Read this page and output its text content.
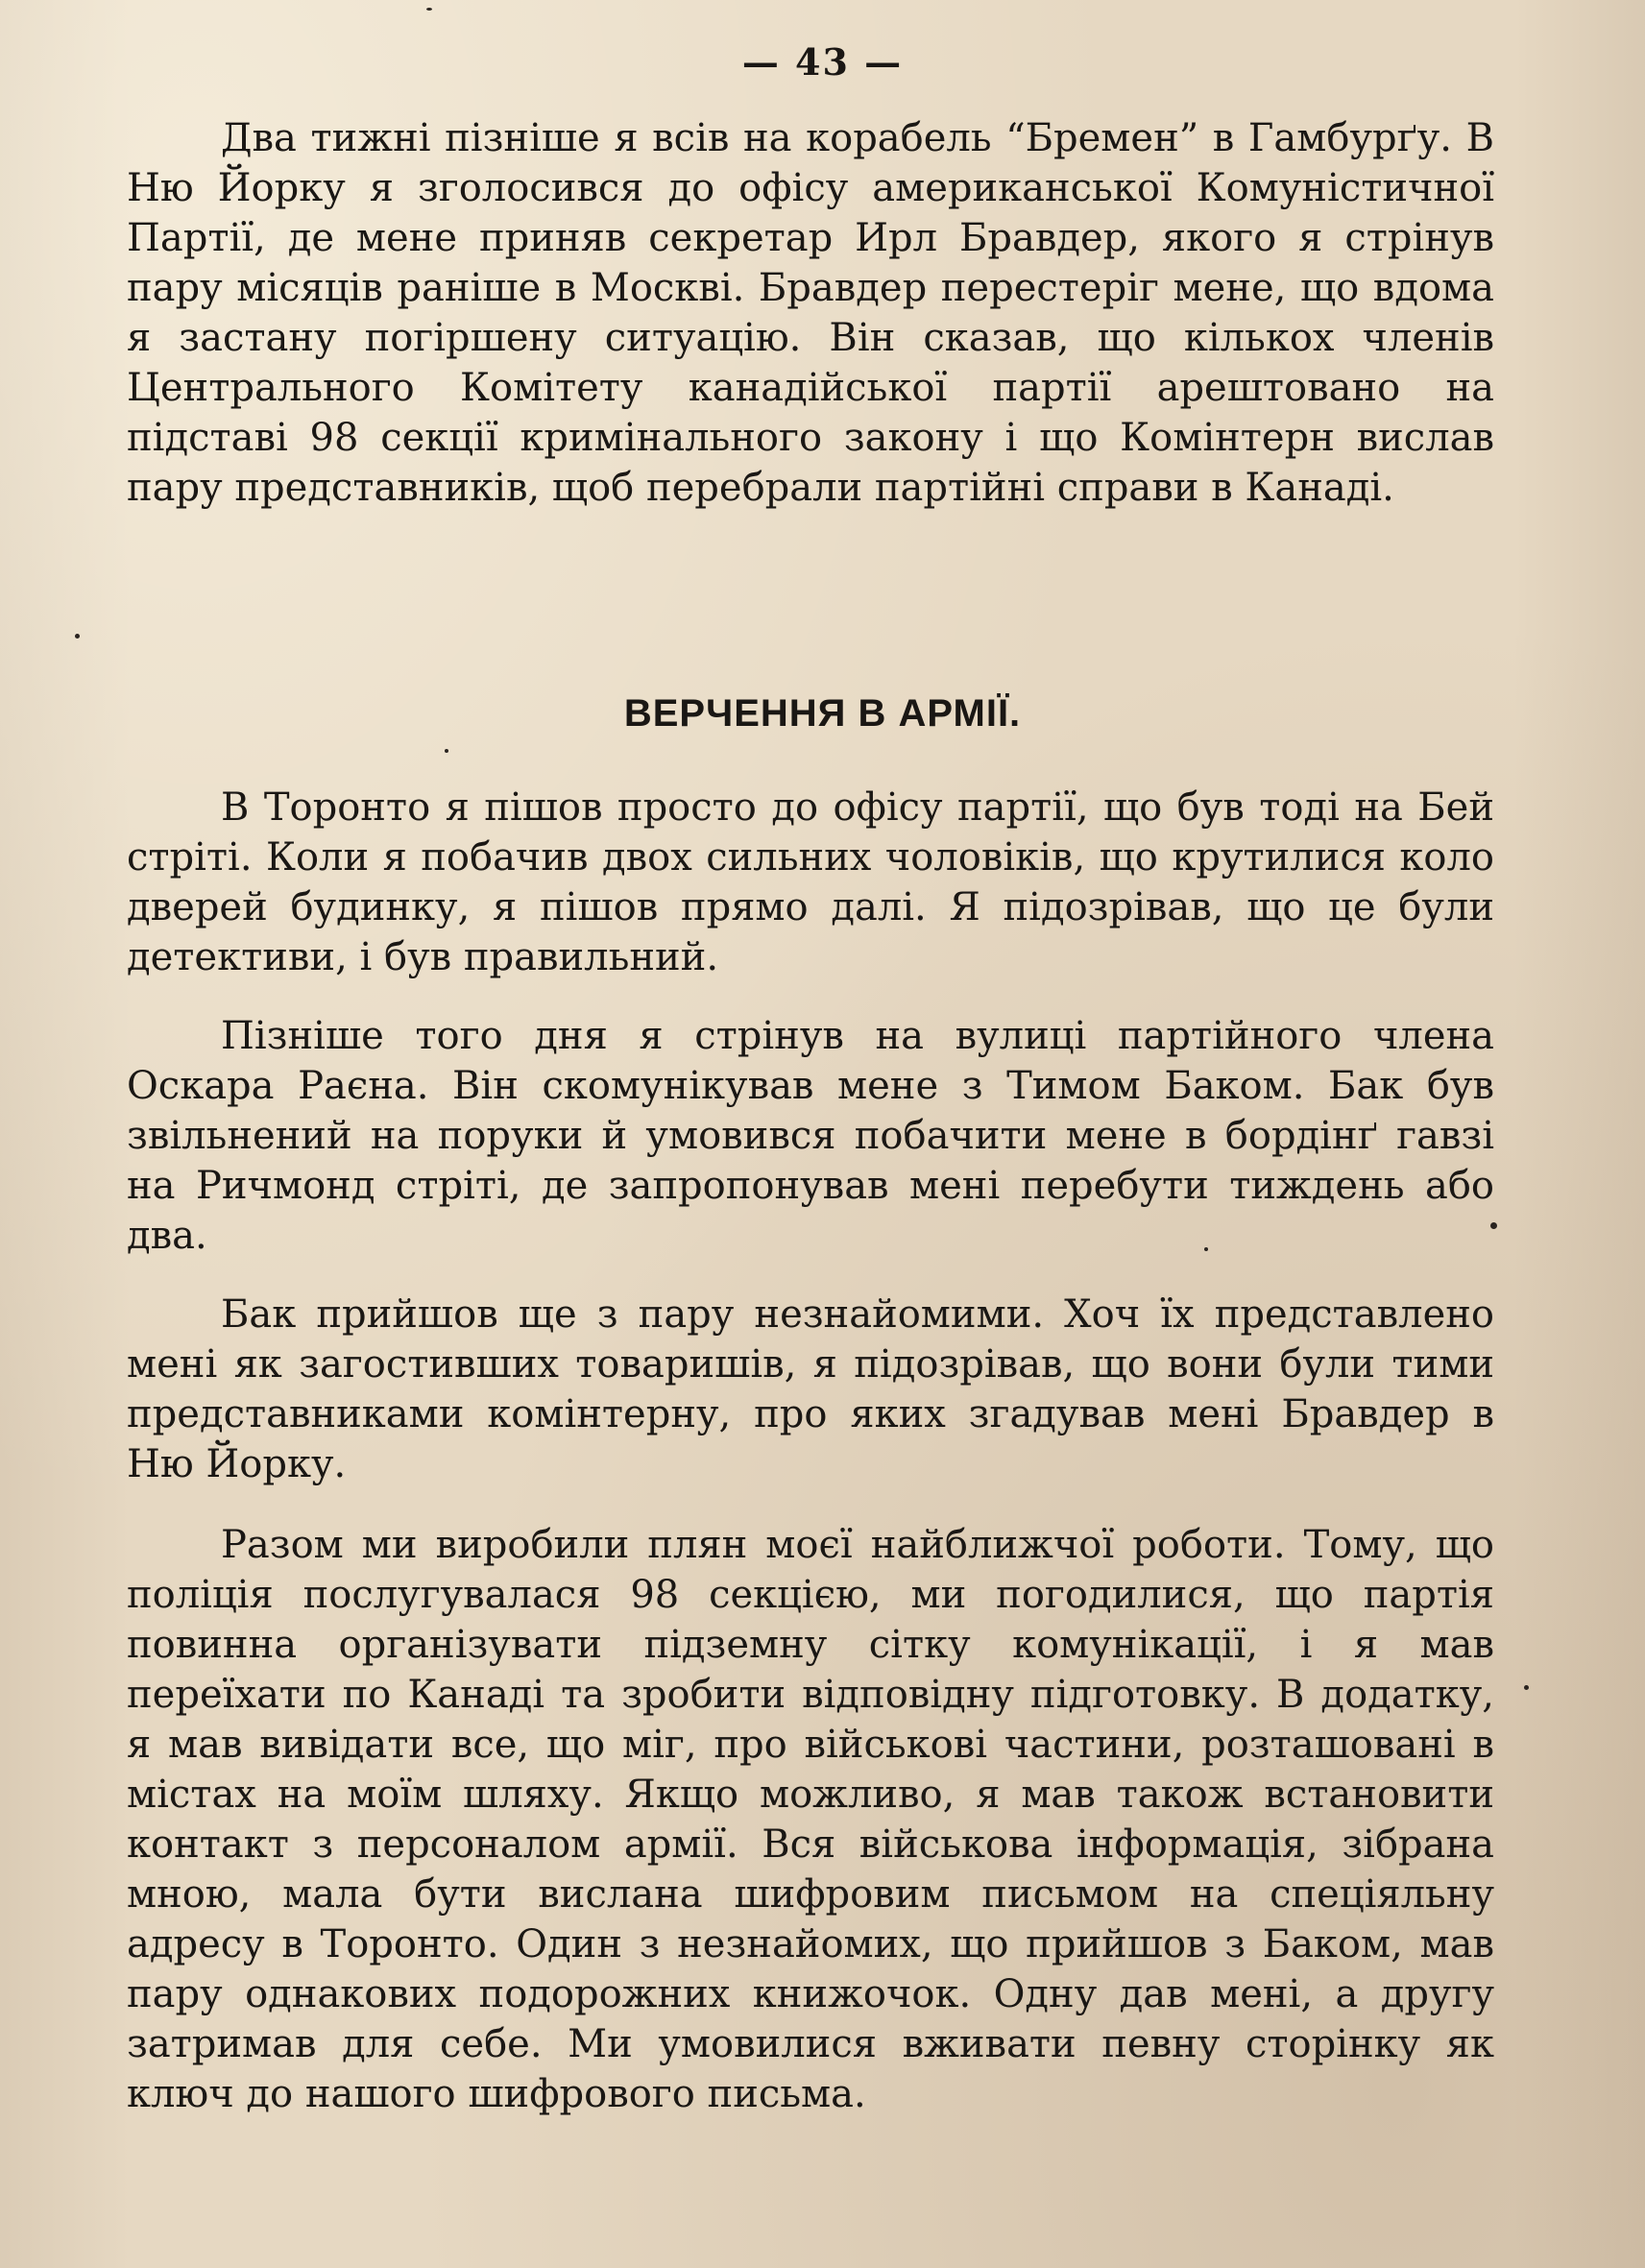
— 43 —

Два тижні пізніше я всів на корабель “Бремен” в Гамбурґу. В Ню Йорку я зголосився до офісу американської Комуністичної Партії, де мене приняв секретар Ирл Бравдер, якого я стрінув пару місяців раніше в Москві. Бравдер перестеріг мене, що вдома я застану погіршену ситуацію. Він сказав, що кількох членів Центрального Комітету канадійської партії арештовано на підставі 98 секції кримінального закону і що Комінтерн вислав пару представників, щоб перебрали партійні справи в Канаді.

ВЕРЧЕННЯ В АРМІЇ.

В Торонто я пішов просто до офісу партії, що був тоді на Бей стріті. Коли я побачив двох сильних чоловіків, що крутилися коло дверей будинку, я пішов прямо далі. Я підозрівав, що це були детективи, і був правильний.

Пізніше того дня я стрінув на вулиці партійного члена Оскара Раєна. Він скомунікував мене з Тимом Баком. Бак був звільнений на поруки й умовився побачити мене в бордінґ гавзі на Ричмонд стріті, де запропонував мені перебути тиждень або два.

Бак прийшов ще з пару незнайомими. Хоч їх представлено мені як загостивших товаришів, я підозрівав, що вони були тими представниками комінтерну, про яких згадував мені Бравдер в Ню Йорку.

Разом ми виробили плян моєї найближчої роботи. Тому, що поліція послугувалася 98 секцією, ми погодилися, що партія повинна організувати підземну сітку комунікації, і я мав переїхати по Канаді та зробити відповідну підготовку. В додатку, я мав вивідати все, що міг, про військові частини, розташовані в містах на моїм шляху. Якщо можливо, я мав також встановити контакт з персоналом армії. Вся військова інформація, зібрана мною, мала бути вислана шифровим письмом на спеціяльну адресу в Торонто. Один з незнайомих, що прийшов з Баком, мав пару однакових подорожних книжочок. Одну дав мені, а другу затримав для себе. Ми умовилися вживати певну сторінку як ключ до нашого шифрового письма.
